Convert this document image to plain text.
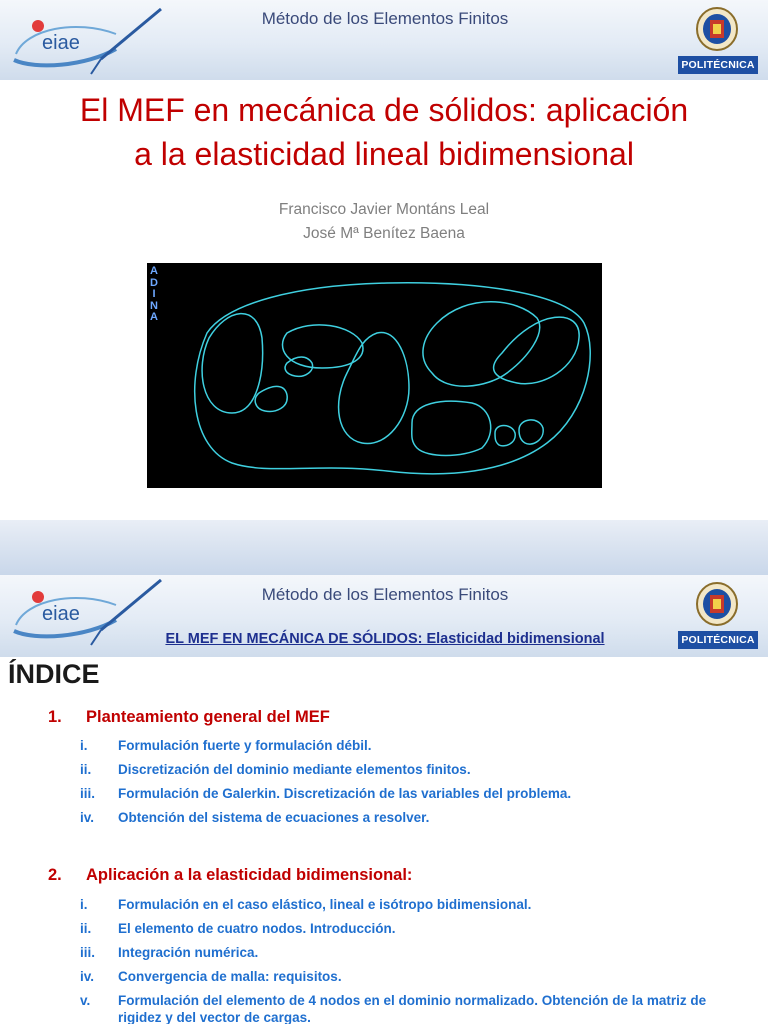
eiae
Método de los Elementos Finitos
POLITÉCNICA
El MEF en mecánica de sólidos: aplicación
a la elasticidad lineal bidimensional
Francisco Javier Montáns Leal
José Mª Benítez Baena
A
D
I
N
A
eiae
Método de los Elementos Finitos
EL MEF EN MECÁNICA DE SÓLIDOS: Elasticidad bidimensional	POLITÉCNICA
ÍNDICE
1. Planteamiento general del MEF
i. Formulación fuerte y formulación débil.
ii. Discretización del dominio mediante elementos finitos.
iii. Formulación de Galerkin. Discretización de las variables del problema.
iv. Obtención del sistema de ecuaciones a resolver.
2. Aplicación a la elasticidad bidimensional:
i. Formulación en el caso elástico, lineal e isótropo bidimensional.
ii. El elemento de cuatro nodos. Introducción.
iii. Integración numérica.
iv. Convergencia de malla: requisitos.
v. Formulación del elemento de 4 nodos en el dominio normalizado. Obtención de la matriz de rigidez y del vector de cargas.
